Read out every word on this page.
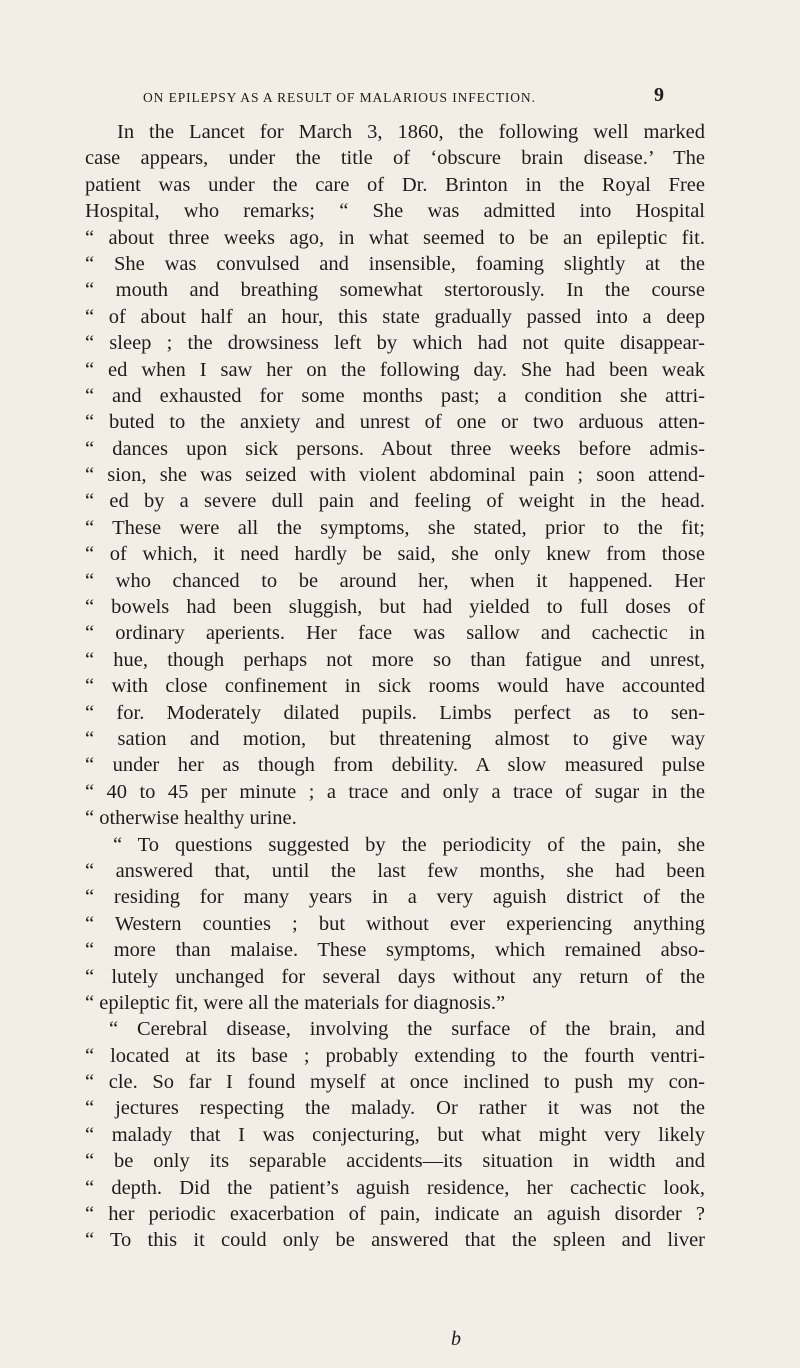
ON EPILEPSY AS A RESULT OF MALARIOUS INFECTION.	9
In the Lancet for March 3, 1860, the following well marked
case appears, under the title of ‘obscure brain disease.’ The
patient was under the care of Dr. Brinton in the Royal Free
Hospital, who remarks; “ She was admitted into Hospital
“ about three weeks ago, in what seemed to be an epileptic fit.
“ She was convulsed and insensible, foaming slightly at the
“ mouth and breathing somewhat stertorously. In the course
“ of about half an hour, this state gradually passed into a deep
“ sleep ; the drowsiness left by which had not quite disappear-
“ ed when I saw her on the following day. She had been weak
“ and exhausted for some months past; a condition she attri-
“ buted to the anxiety and unrest of one or two arduous atten-
“ dances upon sick persons. About three weeks before admis-
“ sion, she was seized with violent abdominal pain ; soon attend-
“ ed by a severe dull pain and feeling of weight in the head.
“ These were all the symptoms, she stated, prior to the fit;
“ of which, it need hardly be said, she only knew from those
“ who chanced to be around her, when it happened. Her
“ bowels had been sluggish, but had yielded to full doses of
“ ordinary aperients. Her face was sallow and cachectic in
“ hue, though perhaps not more so than fatigue and unrest,
“ with close confinement in sick rooms would have accounted
“ for. Moderately dilated pupils. Limbs perfect as to sen-
“ sation and motion, but threatening almost to give way
“ under her as though from debility. A slow measured pulse
“ 40 to 45 per minute ; a trace and only a trace of sugar in the
“ otherwise healthy urine.
“ To questions suggested by the periodicity of the pain, she
“ answered that, until the last few months, she had been
“ residing for many years in a very aguish district of the
“ Western counties ; but without ever experiencing anything
“ more than malaise. These symptoms, which remained abso-
“ lutely unchanged for several days without any return of the
“ epileptic fit, were all the materials for diagnosis.”
“ Cerebral disease, involving the surface of the brain, and
“ located at its base ; probably extending to the fourth ventri-
“ cle. So far I found myself at once inclined to push my con-
“ jectures respecting the malady. Or rather it was not the
“ malady that I was conjecturing, but what might very likely
“ be only its separable accidents—its situation in width and
“ depth. Did the patient’s aguish residence, her cachectic look,
“ her periodic exacerbation of pain, indicate an aguish disorder ?
“ To this it could only be answered that the spleen and liver
b
